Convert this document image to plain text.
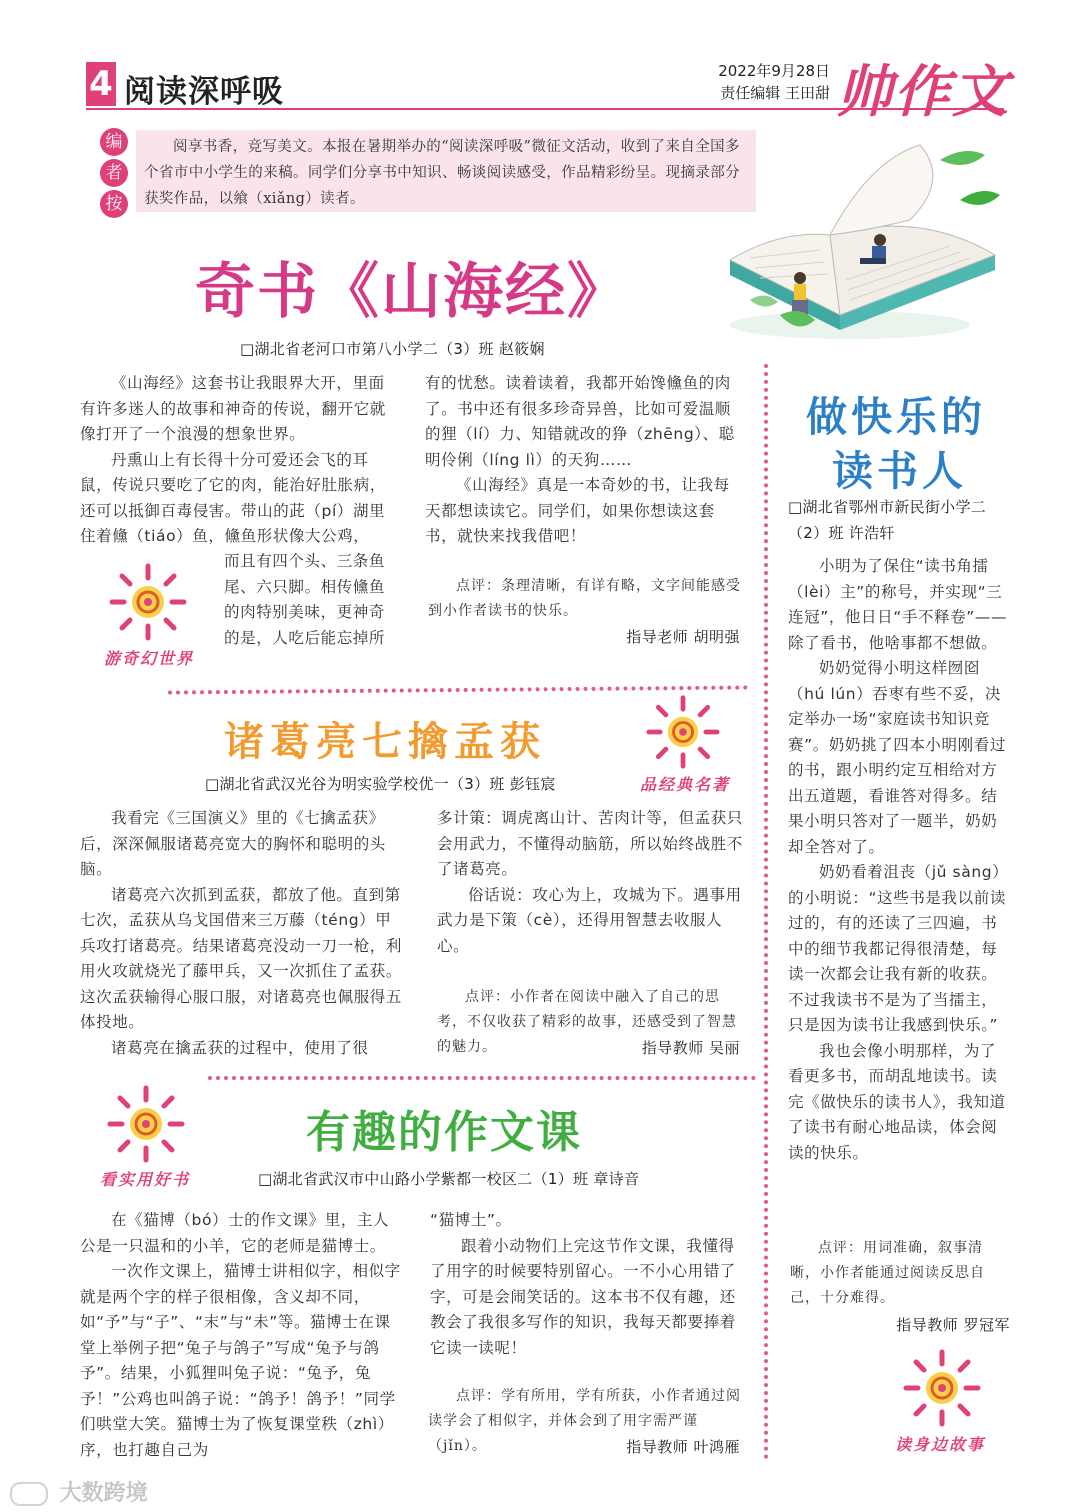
4 阅读深呼吸
2022年9月28日
责任编辑 王田甜 帅作文
编
者
按

阅享书香，竞写美文。本报在暑期举办的“阅读深呼吸”微征文活动，收到了来自全国多个省市中小学生的来稿。同学们分享书中知识、畅谈阅读感受，作品精彩纷呈。现摘录部分获奖作品，以飨（xiǎng）读者。

奇书《山海经》
□湖北省老河口市第八小学二（3）班 赵筱娴

《山海经》这套书让我眼界大开，里面有许多迷人的故事和神奇的传说，翻开它就像打开了一个浪漫的想象世界。

丹熏山上有长得十分可爱还会飞的耳鼠，传说只要吃了它的肉，能治好肚胀病，还可以抵御百毒侵害。带山的茈（pí）湖里住着儵（tiáo）鱼，儵鱼形状像大公鸡，

而且有四个头、三条鱼尾、六只脚。相传儵鱼的肉特别美味，更神奇的是，人吃后能忘掉所

游奇幻世界

有的忧愁。读着读着，我都开始馋儵鱼的肉了。书中还有很多珍奇异兽，比如可爱温顺的狸（lí）力、知错就改的狰（zhēng）、聪明伶俐（líng lì）的天狗……

《山海经》真是一本奇妙的书，让我每天都想读读它。同学们，如果你想读这套书，就快来找我借吧！

点评：条理清晰，有详有略，文字间能感受到小作者读书的快乐。

指导老师 胡明强
诸葛亮七擒孟获
品经典名著
□湖北省武汉光谷为明实验学校优一（3）班 彭钰宸

我看完《三国演义》里的《七擒孟获》后，深深佩服诸葛亮宽大的胸怀和聪明的头脑。

诸葛亮六次抓到孟获，都放了他。直到第七次，孟获从乌戈国借来三万藤（téng）甲兵攻打诸葛亮。结果诸葛亮没动一刀一枪，利用火攻就烧光了藤甲兵，又一次抓住了孟获。这次孟获输得心服口服，对诸葛亮也佩服得五体投地。

诸葛亮在擒孟获的过程中，使用了很

多计策：调虎离山计、苦肉计等，但孟获只会用武力，不懂得动脑筋，所以始终战胜不了诸葛亮。

俗话说：攻心为上，攻城为下。遇事用武力是下策（cè），还得用智慧去收服人心。

点评：小作者在阅读中融入了自己的思考，不仅收获了精彩的故事，还感受到了智慧的魅力。	指导教师 吴丽
看实用好书
有趣的作文课
□湖北省武汉市中山路小学紫都一校区二（1）班 章诗音

在《猫博（bó）士的作文课》里，主人公是一只温和的小羊，它的老师是猫博士。

一次作文课上，猫博士讲相似字，相似字就是两个字的样子很相像，含义却不同，如“予”与“子”、“末”与“未”等。猫博士在课堂上举例子把“兔子与鸽子”写成“兔予与鸽予”。结果，小狐狸叫兔子说：“兔予，兔予！”公鸡也叫鸽子说：“鸽予！鸽予！”同学们哄堂大笑。猫博士为了恢复课堂秩（zhì）序，也打趣自己为

“猫博土”。

跟着小动物们上完这节作文课，我懂得了用字的时候要特别留心。一不小心用错了字，可是会闹笑话的。这本书不仅有趣，还教会了我很多写作的知识，我每天都要捧着它读一读呢！

点评：学有所用，学有所获，小作者通过阅读学会了相似字，并体会到了用字需严谨（jǐn）。	指导教师 叶鸿雁
做快乐的
读书人
□湖北省鄂州市新民街小学二（2）班 许浩轩

小明为了保住“读书角擂（lèi）主”的称号，并实现“三连冠”，他日日“手不释卷”——除了看书，他啥事都不想做。

奶奶觉得小明这样囫囵（hú lún）吞枣有些不妥，决定举办一场“家庭读书知识竞赛”。奶奶挑了四本小明刚看过的书，跟小明约定互相给对方出五道题，看谁答对得多。结果小明只答对了一题半，奶奶却全答对了。

奶奶看着沮丧（jǔ sàng）的小明说：“这些书是我以前读过的，有的还读了三四遍，书中的细节我都记得很清楚，每读一次都会让我有新的收获。不过我读书不是为了当擂主，只是因为读书让我感到快乐。”

我也会像小明那样，为了看更多书，而胡乱地读书。读完《做快乐的读书人》，我知道了读书有耐心地品读，体会阅读的快乐。

点评：用词准确，叙事清晰，小作者能通过阅读反思自己，十分难得。

指导教师 罗冠军
读身边故事
大数跨境
